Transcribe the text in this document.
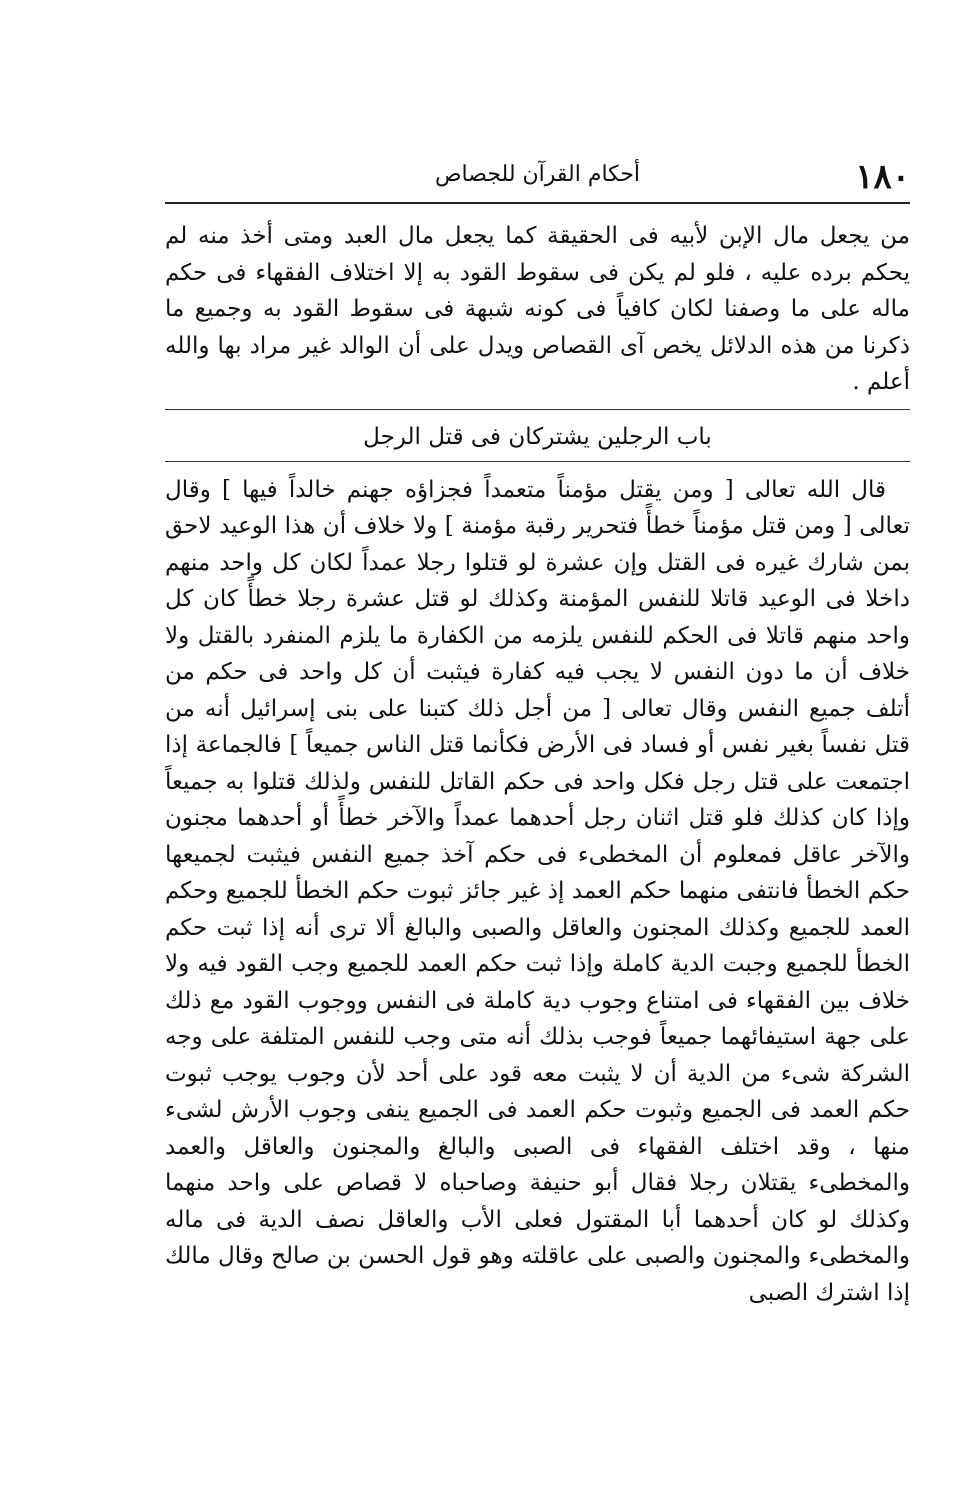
١٨٠
أحكام القرآن للجصاص

من يجعل مال الإبن لأبيه فى الحقيقة كما يجعل مال العبد ومتى أخذ منه لم يحكم برده عليه ، فلو لم يكن فى سقوط القود به إلا اختلاف الفقهاء فى حكم ماله على ما وصفنا لكان كافياً فى كونه شبهة فى سقوط القود به وجميع ما ذكرنا من هذه الدلائل يخص آى القصاص ويدل على أن الوالد غير مراد بها والله أعلم .

باب الرجلين يشتركان فى قتل الرجل

قال الله تعالى [ ومن يقتل مؤمناً متعمداً فجزاؤه جهنم خالداً فيها ] وقال تعالى [ ومن قتل مؤمناً خطأً فتحرير رقبة مؤمنة ] ولا خلاف أن هذا الوعيد لاحق بمن شارك غيره فى القتل وإن عشرة لو قتلوا رجلا عمداً لكان كل واحد منهم داخلا فى الوعيد قاتلا للنفس المؤمنة وكذلك لو قتل عشرة رجلا خطأً كان كل واحد منهم قاتلا فى الحكم للنفس يلزمه من الكفارة ما يلزم المنفرد بالقتل ولا خلاف أن ما دون النفس لا يجب فيه كفارة فيثبت أن كل واحد فى حكم من أتلف جميع النفس وقال تعالى [ من أجل ذلك كتبنا على بنى إسرائيل أنه من قتل نفساً بغير نفس أو فساد فى الأرض فكأنما قتل الناس جميعاً ] فالجماعة إذا اجتمعت على قتل رجل فكل واحد فى حكم القاتل للنفس ولذلك قتلوا به جميعاً وإذا كان كذلك فلو قتل اثنان رجل أحدهما عمداً والآخر خطأً أو أحدهما مجنون والآخر عاقل فمعلوم أن المخطىء فى حكم آخذ جميع النفس فيثبت لجميعها حكم الخطأ فانتفى منهما حكم العمد إذ غير جائز ثبوت حكم الخطأ للجميع وحكم العمد للجميع وكذلك المجنون والعاقل والصبى والبالغ ألا ترى أنه إذا ثبت حكم الخطأ للجميع وجبت الدية كاملة وإذا ثبت حكم العمد للجميع وجب القود فيه ولا خلاف بين الفقهاء فى امتناع وجوب دية كاملة فى النفس ووجوب القود مع ذلك على جهة استيفائهما جميعاً فوجب بذلك أنه متى وجب للنفس المتلفة على وجه الشركة شىء من الدية أن لا يثبت معه قود على أحد لأن وجوب يوجب ثبوت حكم العمد فى الجميع وثبوت حكم العمد فى الجميع ينفى وجوب الأرش لشىء منها ، وقد اختلف الفقهاء فى الصبى والبالغ والمجنون والعاقل والعمد والمخطىء يقتلان رجلا فقال أبو حنيفة وصاحباه لا قصاص على واحد منهما وكذلك لو كان أحدهما أبا المقتول فعلى الأب والعاقل نصف الدية فى ماله والمخطىء والمجنون والصبى على عاقلته وهو قول الحسن بن صالح وقال مالك إذا اشترك الصبى
